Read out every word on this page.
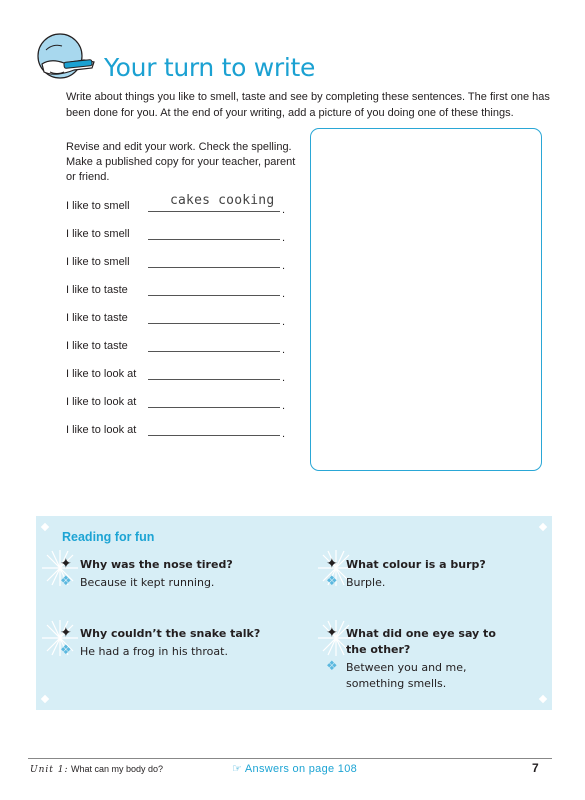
Your turn to write

Write about things you like to smell, taste and see by completing these sentences. The first one has been done for you. At the end of your writing, add a picture of you doing one of these things.

Revise and edit your work. Check the spelling. Make a published copy for your teacher, parent or friend.

I like to smell	cakes cooking
.
I like to smell	.
I like to smell	.
I like to taste	.
I like to taste	.
I like to taste	.
I like to look at	.
I like to look at	.
I like to look at	.
Reading for fun
✦ Why was the nose tired?
❖ Because it kept running.
✦ What colour is a burp?
❖ Burple.
✦ Why couldn’t the snake talk?
❖ He had a frog in his throat.
✦ What did one eye say to the other?
❖ Between you and me, something smells.
Unit 1: What can my body do?	☞ Answers on page 108	7
